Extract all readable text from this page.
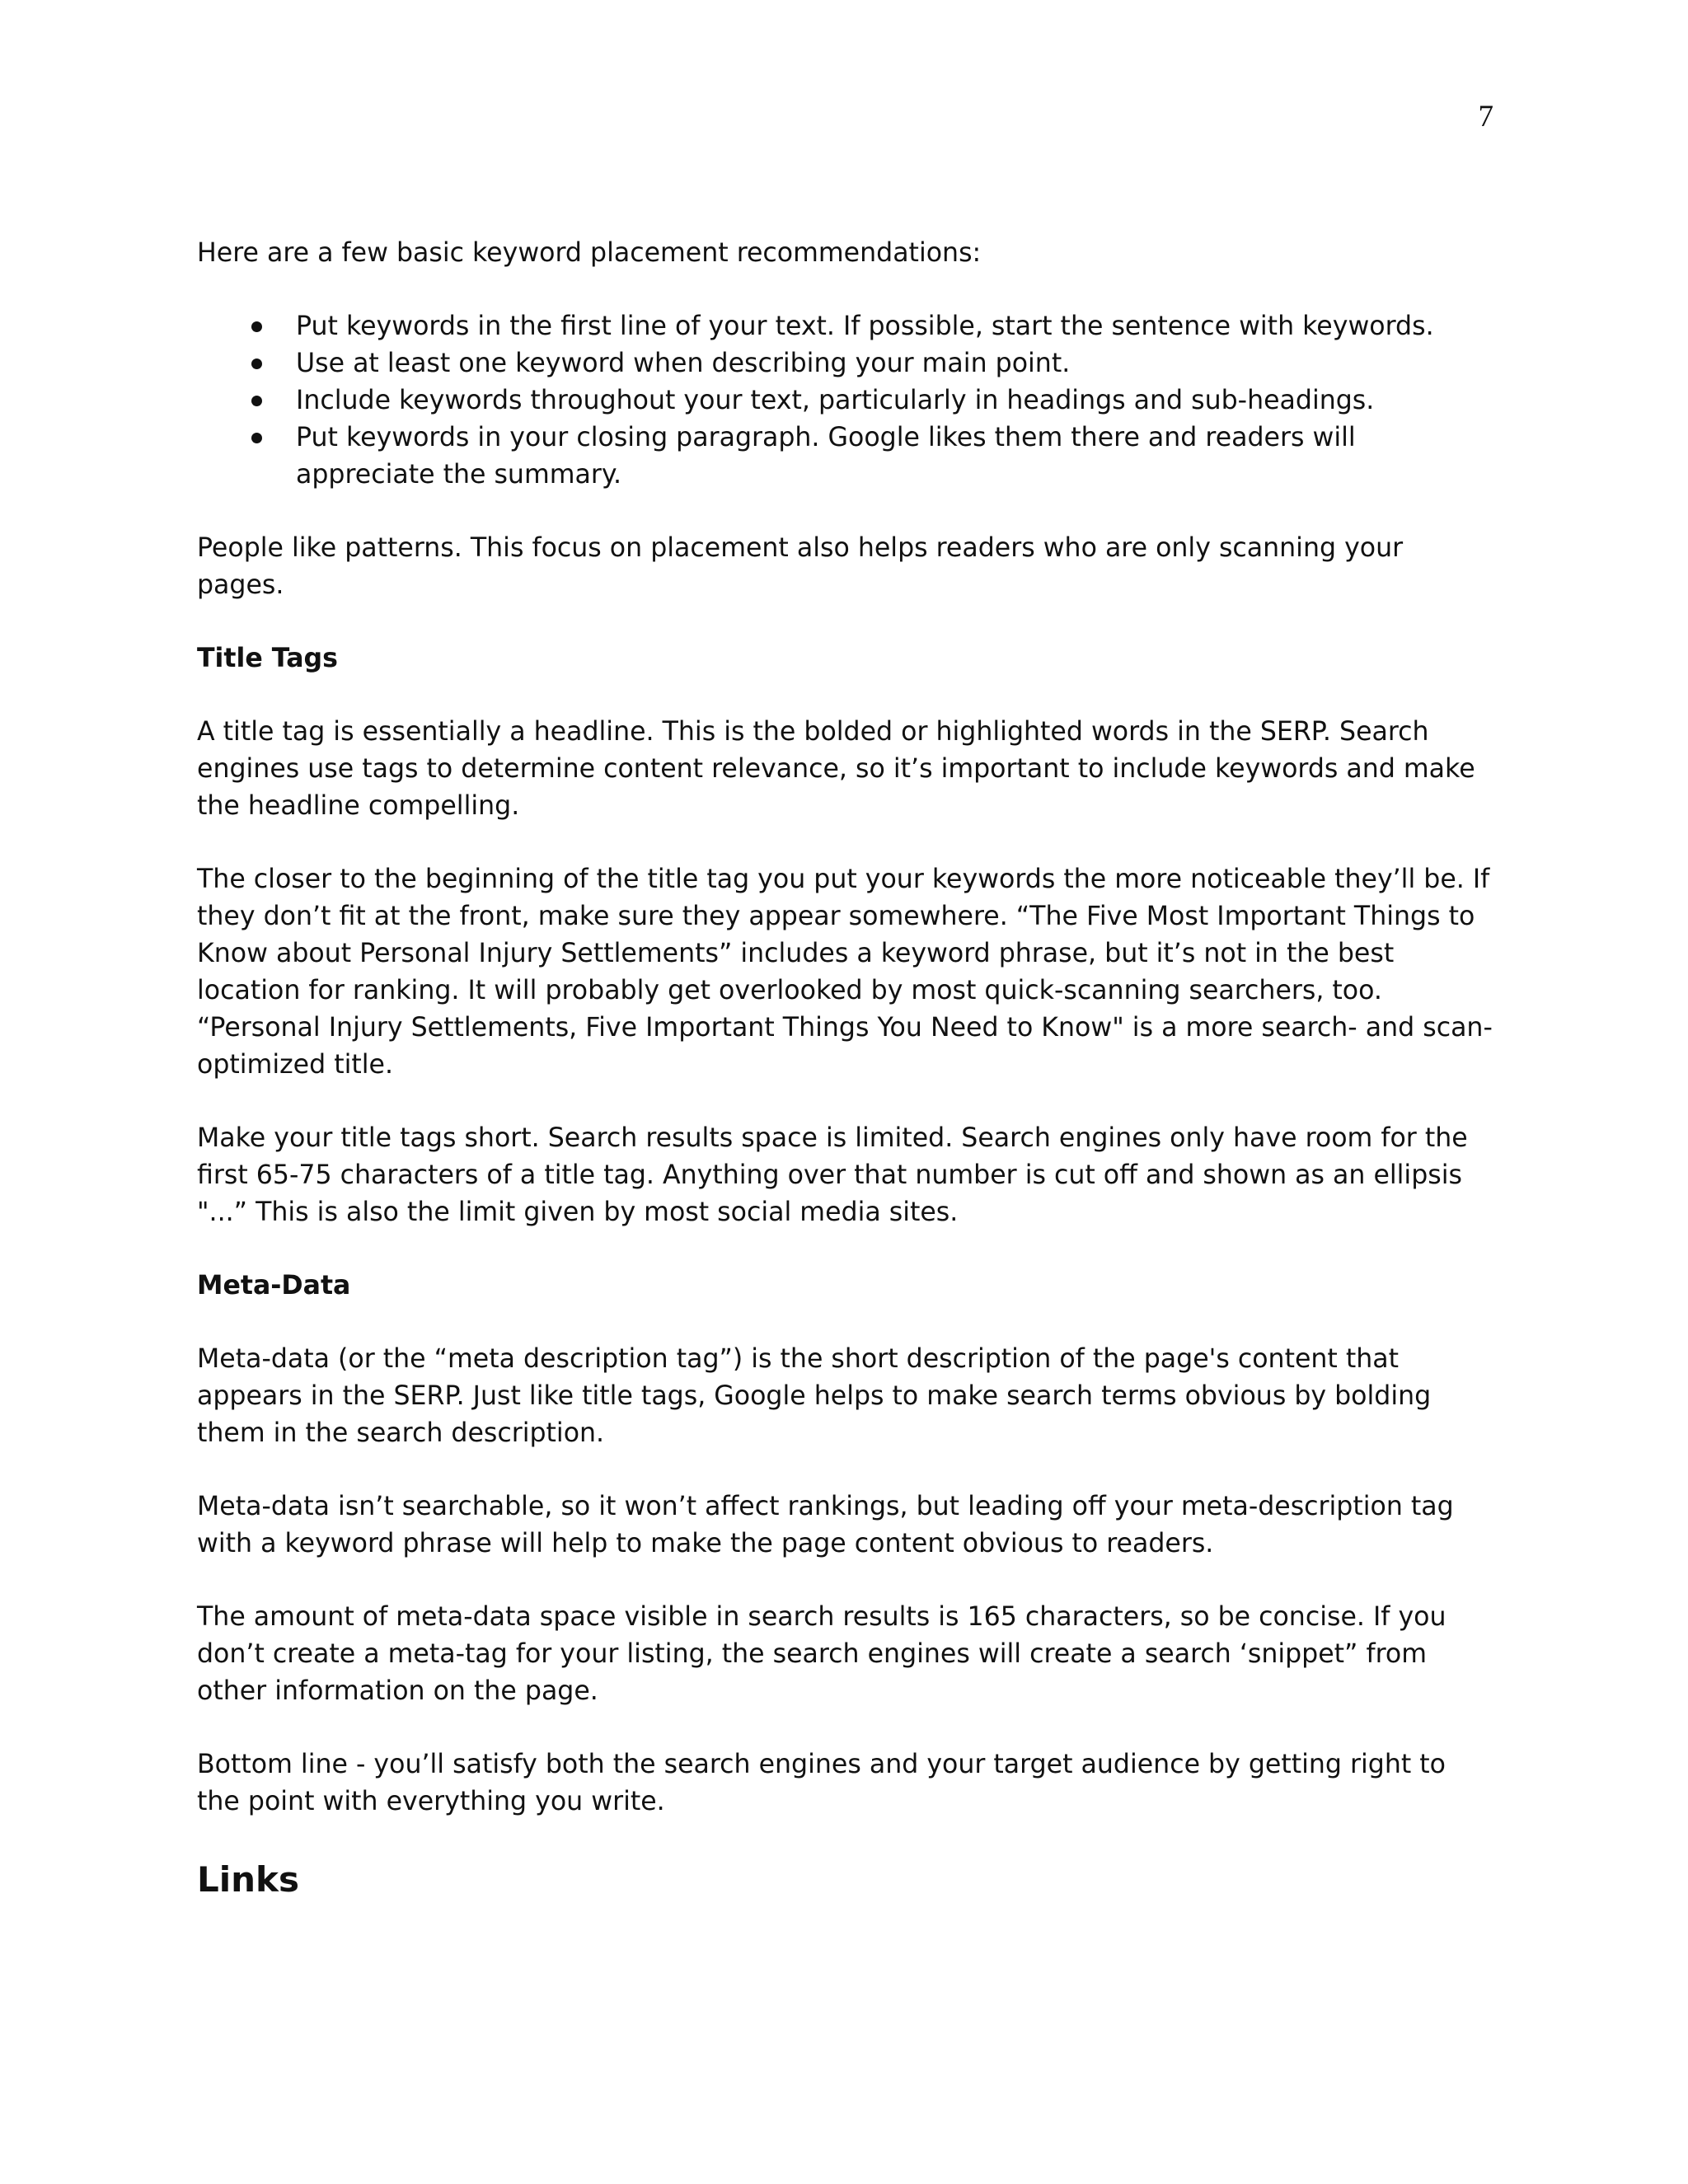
7

Here are a few basic keyword placement recommendations:

Put keywords in the first line of your text. If possible, start the sentence with keywords.
Use at least one keyword when describing your main point.
Include keywords throughout your text, particularly in headings and sub-headings.
Put keywords in your closing paragraph. Google likes them there and readers will appreciate the summary.

People like patterns. This focus on placement also helps readers who are only scanning your pages.

Title Tags

A title tag is essentially a headline. This is the bolded or highlighted words in the SERP. Search engines use tags to determine content relevance, so it’s important to include keywords and make the headline compelling.

The closer to the beginning of the title tag you put your keywords the more noticeable they’ll be. If they don’t fit at the front, make sure they appear somewhere. “The Five Most Important Things to Know about Personal Injury Settlements” includes a keyword phrase, but it’s not in the best location for ranking. It will probably get overlooked by most quick-scanning searchers, too. “Personal Injury Settlements, Five Important Things You Need to Know" is a more search- and scan-optimized title.

Make your title tags short. Search results space is limited. Search engines only have room for the first 65-75 characters of a title tag. Anything over that number is cut off and shown as an ellipsis "...” This is also the limit given by most social media sites.

Meta-Data

Meta-data (or the “meta description tag”) is the short description of the page's content that appears in the SERP. Just like title tags, Google helps to make search terms obvious by bolding them in the search description.

Meta-data isn’t searchable, so it won’t affect rankings, but leading off your meta-description tag with a keyword phrase will help to make the page content obvious to readers.

The amount of meta-data space visible in search results is 165 characters, so be concise. If you don’t create a meta-tag for your listing, the search engines will create a search ‘snippet” from other information on the page.

Bottom line - you’ll satisfy both the search engines and your target audience by getting right to the point with everything you write.

Links
